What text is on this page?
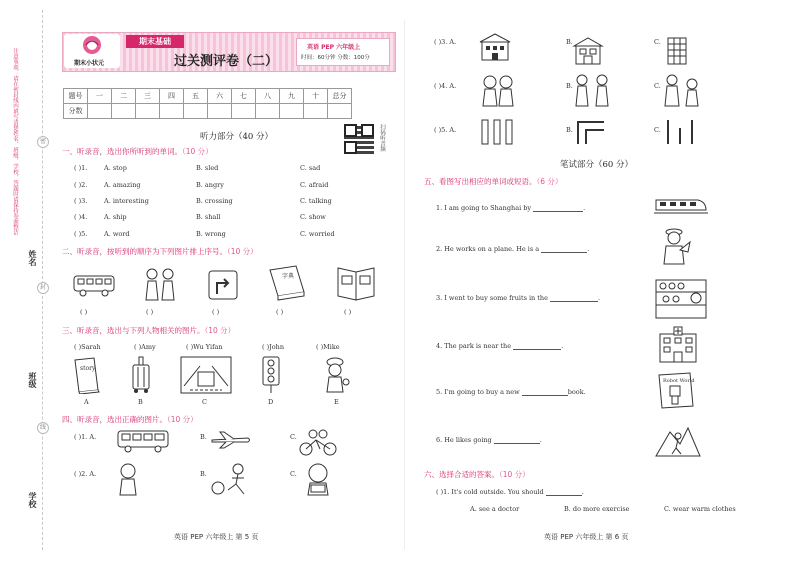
注意事项：请在密封线内填写清楚姓名、班级、学校，答题时请保持卷面整洁	密
封
线
姓名
班级
学校
期末小状元
期末基础
过关测评卷（二）
英语 PEP 六年级上
时间：60分钟 分数：100分
题号	一	二	三	四	五	六	七	八	九	十	总分
分数											
听力部分（40 分）	扫码听音频
一、听录音，选出你所听到的单词。（10 分）
( )1.	A. stop	B. sled	C. sad
( )2.	A. amazing	B. angry	C. afraid
( )3.	A. interesting	B. crossing	C. talking
( )4.	A. ship	B. shall	C. show
( )5.	A. word	B. wrong	C. worried
二、听录音，按听到的顺序为下列图片排上序号。（10 分）
字典
( )	( )	( )	( )	( )
三、听录音，选出与下列人物相关的图片。（10 分）
( )Sarah	( )Amy	( )Wu Yifan	( )John	( )Mike
story
A	B	C	D	E
四、听录音，选出正确的图片。（10 分）
( )1. A.	B.	C.
( )2. A.	B.	C.
英语 PEP 六年级上 第 5 页
( )3. A.	B.	C.
( )4. A.	B.	C.
( )5. A.	B.	C.
笔试部分（60 分）
五、看图写出相应的单词或短语。（6 分）
1. I am going to Shanghai by	.
2. He works on a plane. He is a	.
3. I went to buy some fruits in the	.
4. The park is near the	.
5. I'm going to buy a new	book.
Robot World
6. He likes going	.
六、选择合适的答案。（10 分）
( )1. It's cold outside. You should	.
A. see a doctor	B. do more exercise	C. wear warm clothes
英语 PEP 六年级上 第 6 页
